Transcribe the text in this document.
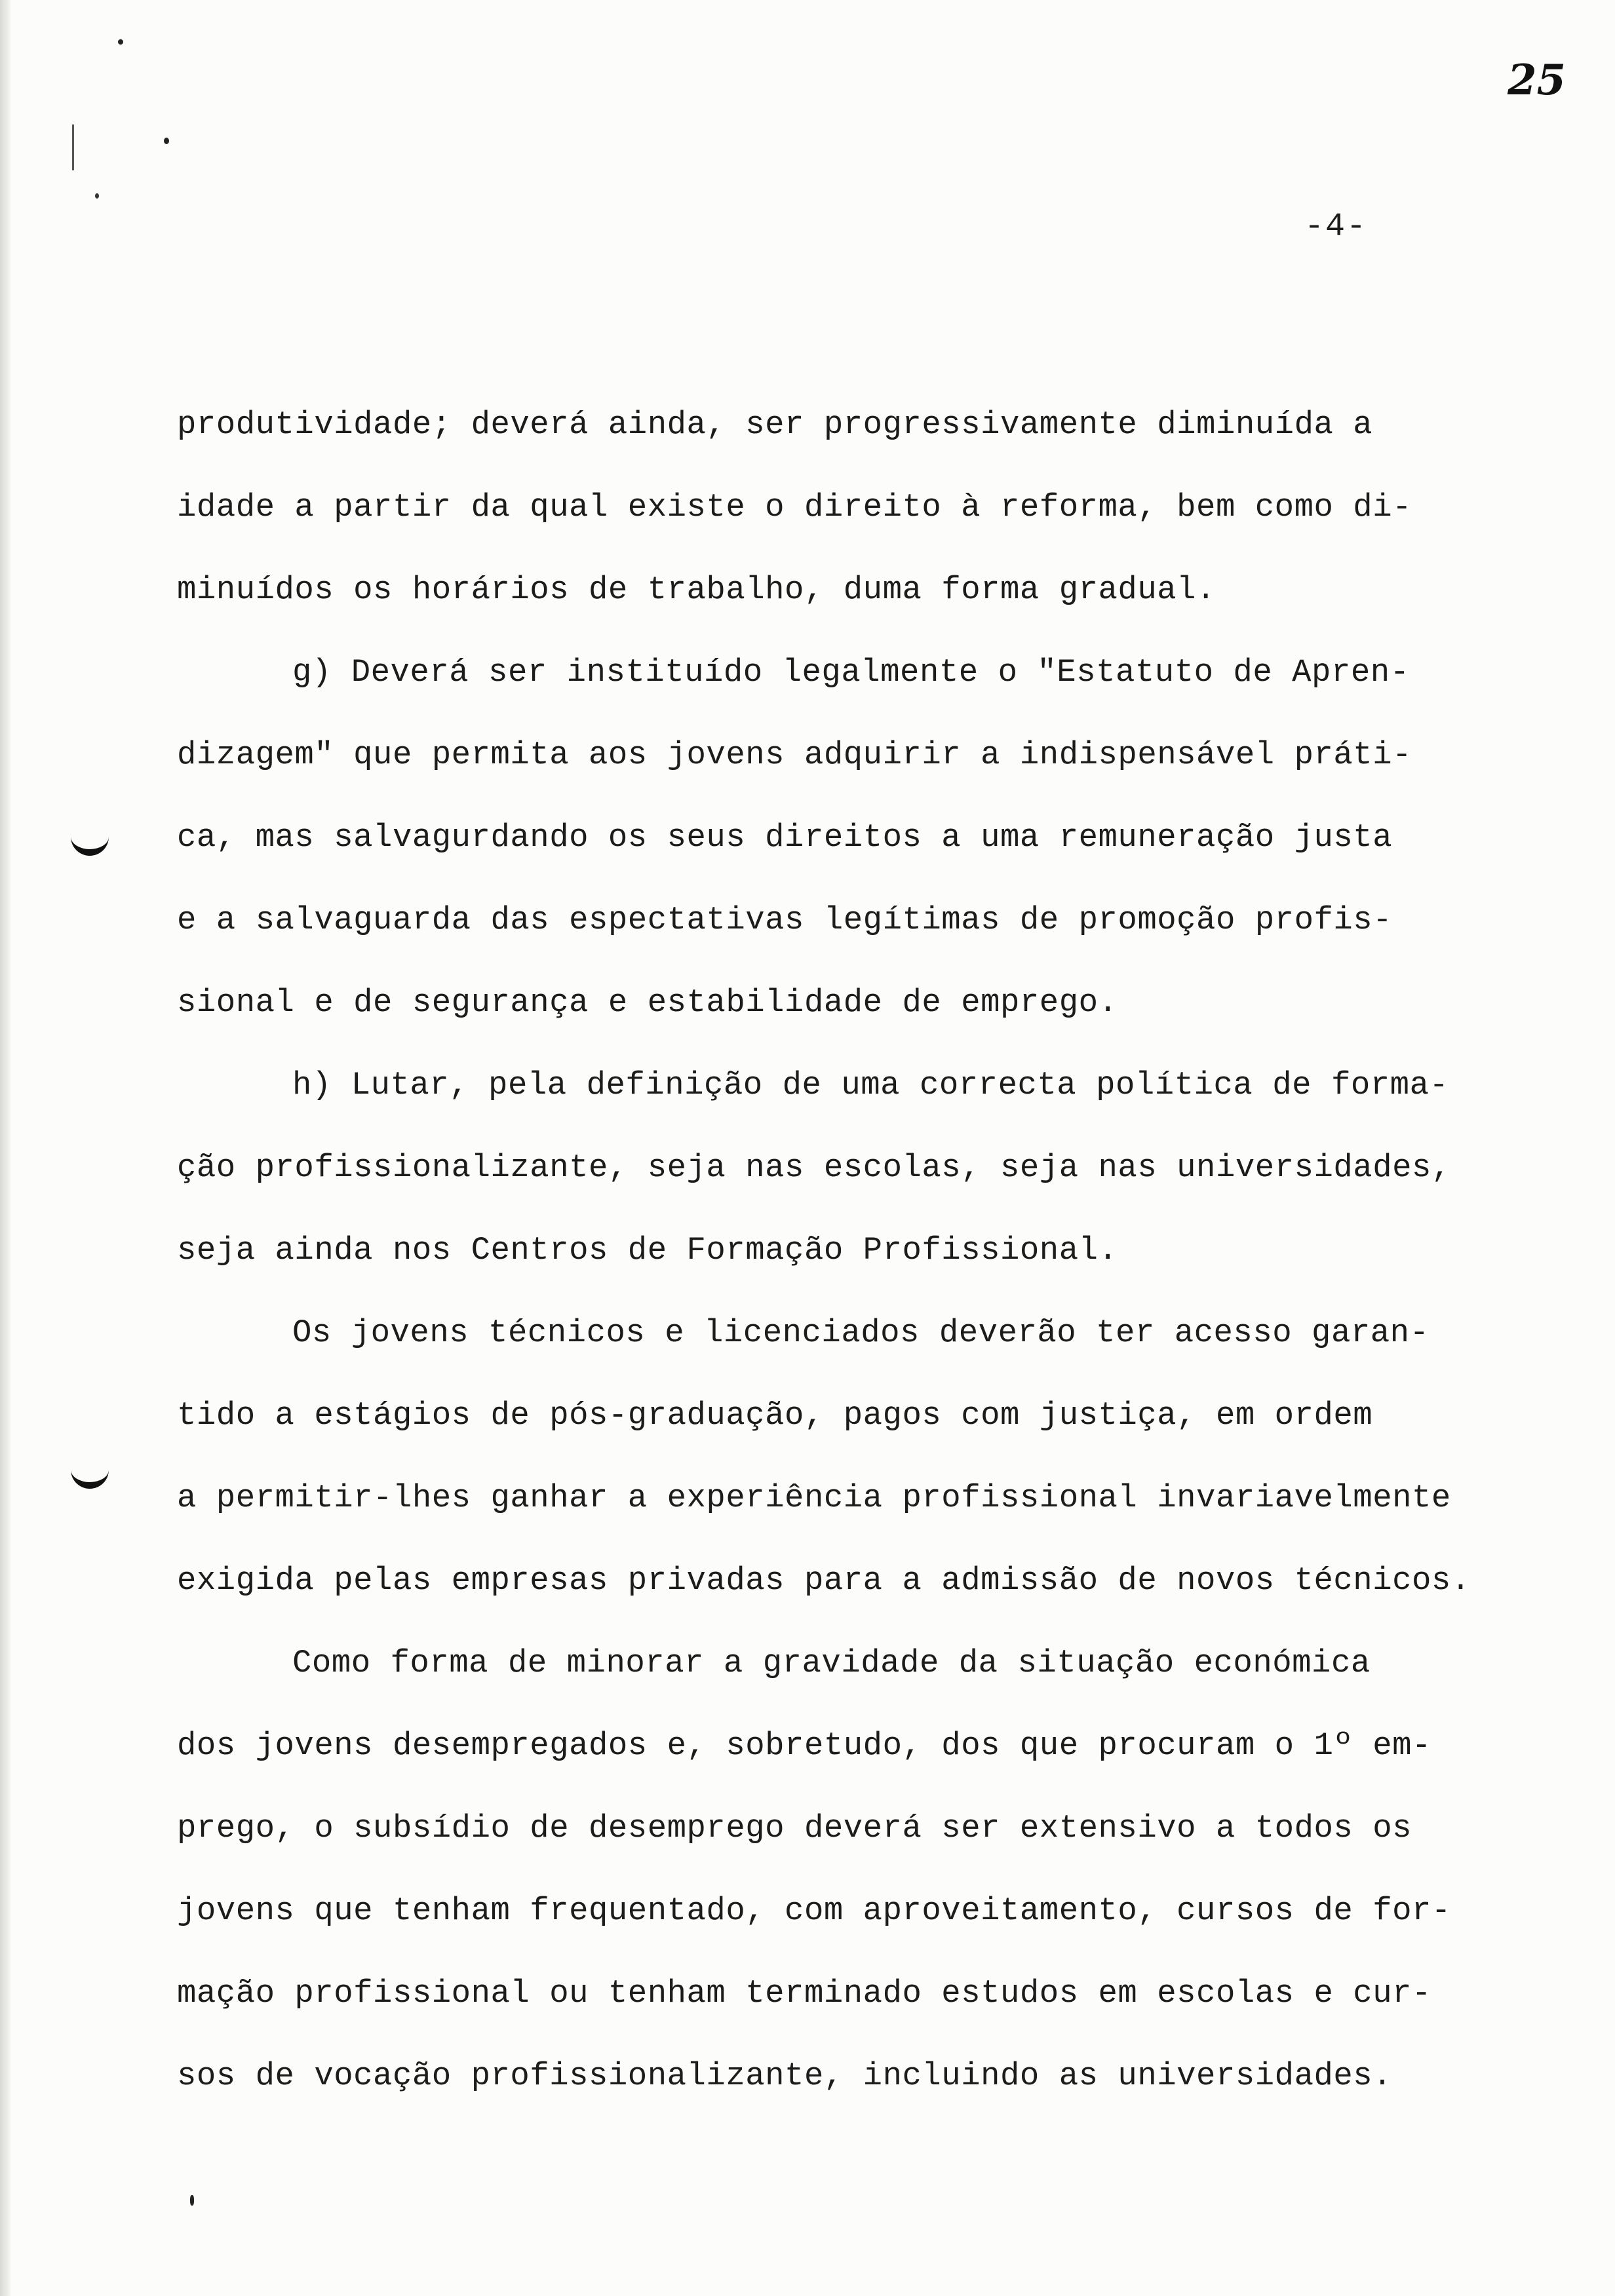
25
-4-
produtividade; deverá ainda, ser progressivamente diminuída a
idade a partir da qual existe o direito à reforma, bem como di-
minuídos os horários de trabalho, duma forma gradual.
g) Deverá ser instituído legalmente o "Estatuto de Apren-
dizagem" que permita aos jovens adquirir a indispensável práti-
ca, mas salvagurdando os seus direitos a uma remuneração justa
e a salvaguarda das espectativas legítimas de promoção profis-
sional e de segurança e estabilidade de emprego.
h) Lutar, pela definição de uma correcta política de forma-
ção profissionalizante, seja nas escolas, seja nas universidades,
seja ainda nos Centros de Formação Profissional.
Os jovens técnicos e licenciados deverão ter acesso garan-
tido a estágios de pós-graduação, pagos com justiça, em ordem
a permitir-lhes ganhar a experiência profissional invariavelmente
exigida pelas empresas privadas para a admissão de novos técnicos.
Como forma de minorar a gravidade da situação económica
dos jovens desempregados e, sobretudo, dos que procuram o 1º em-
prego, o subsídio de desemprego deverá ser extensivo a todos os
jovens que tenham frequentado, com aproveitamento, cursos de for-
mação profissional ou tenham terminado estudos em escolas e cur-
sos de vocação profissionalizante, incluindo as universidades.
